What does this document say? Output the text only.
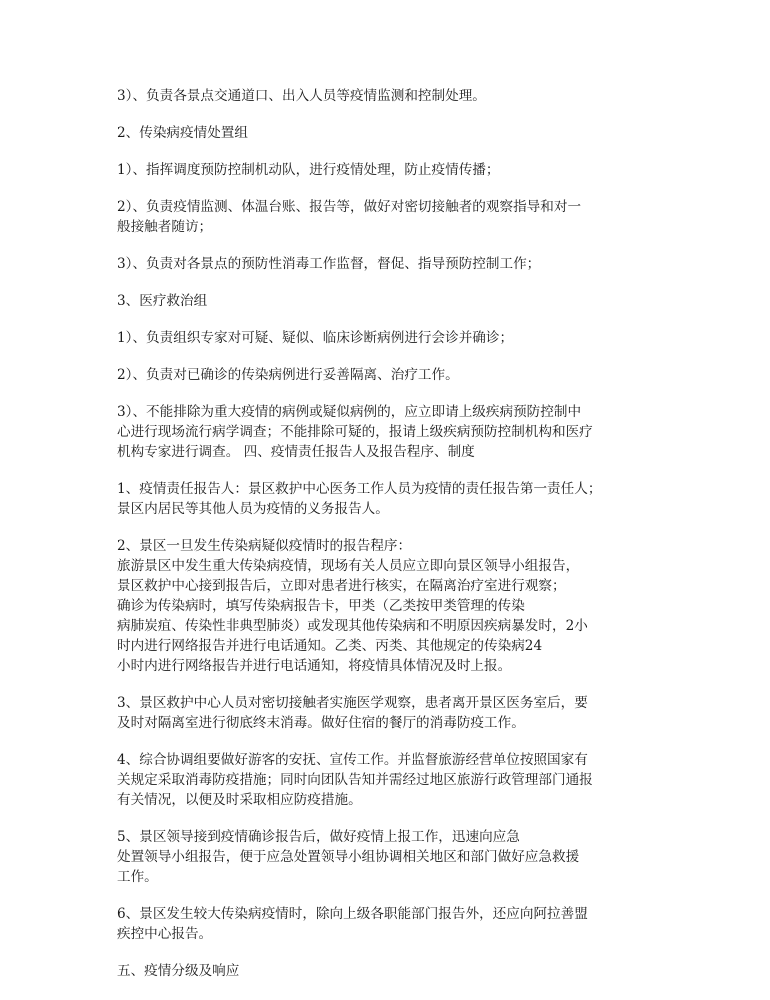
3）、负责各景点交通道口、出入人员等疫情监测和控制处理。

2、传染病疫情处置组

1）、指挥调度预防控制机动队，进行疫情处理，防止疫情传播；

2）、负责疫情监测、体温台账、报告等，做好对密切接触者的观察指导和对一
般接触者随访；

3）、负责对各景点的预防性消毒工作监督，督促、指导预防控制工作；

3、医疗救治组

1）、负责组织专家对可疑、疑似、临床诊断病例进行会诊并确诊；

2）、负责对已确诊的传染病例进行妥善隔离、治疗工作。

3）、不能排除为重大疫情的病例或疑似病例的，应立即请上级疾病预防控制中
心进行现场流行病学调查；不能排除可疑的，报请上级疾病预防控制机构和医疗
机构专家进行调查。 四、疫情责任报告人及报告程序、制度

1、疫情责任报告人：景区救护中心医务工作人员为疫情的责任报告第一责任人；
景区内居民等其他人员为疫情的义务报告人。

2、景区一旦发生传染病疑似疫情时的报告程序：
旅游景区中发生重大传染病疫情，现场有关人员应立即向景区领导小组报告，
景区救护中心接到报告后，立即对患者进行核实，在隔离治疗室进行观察；
确诊为传染病时，填写传染病报告卡，甲类（乙类按甲类管理的传染
病肺炭疽、传染性非典型肺炎）或发现其他传染病和不明原因疾病暴发时，2小
时内进行网络报告并进行电话通知。乙类、丙类、其他规定的传染病24
小时内进行网络报告并进行电话通知，将疫情具体情况及时上报。

3、景区救护中心人员对密切接触者实施医学观察，患者离开景区医务室后，要
及时对隔离室进行彻底终末消毒。做好住宿的餐厅的消毒防疫工作。

4、综合协调组要做好游客的安抚、宣传工作。并监督旅游经营单位按照国家有
关规定采取消毒防疫措施；同时向团队告知并需经过地区旅游行政管理部门通报
有关情况，以便及时采取相应防疫措施。

5、景区领导接到疫情确诊报告后，做好疫情上报工作，迅速向应急
处置领导小组报告，便于应急处置领导小组协调相关地区和部门做好应急救援
工作。

6、景区发生较大传染病疫情时，除向上级各职能部门报告外，还应向阿拉善盟
疾控中心报告。

五、疫情分级及响应
